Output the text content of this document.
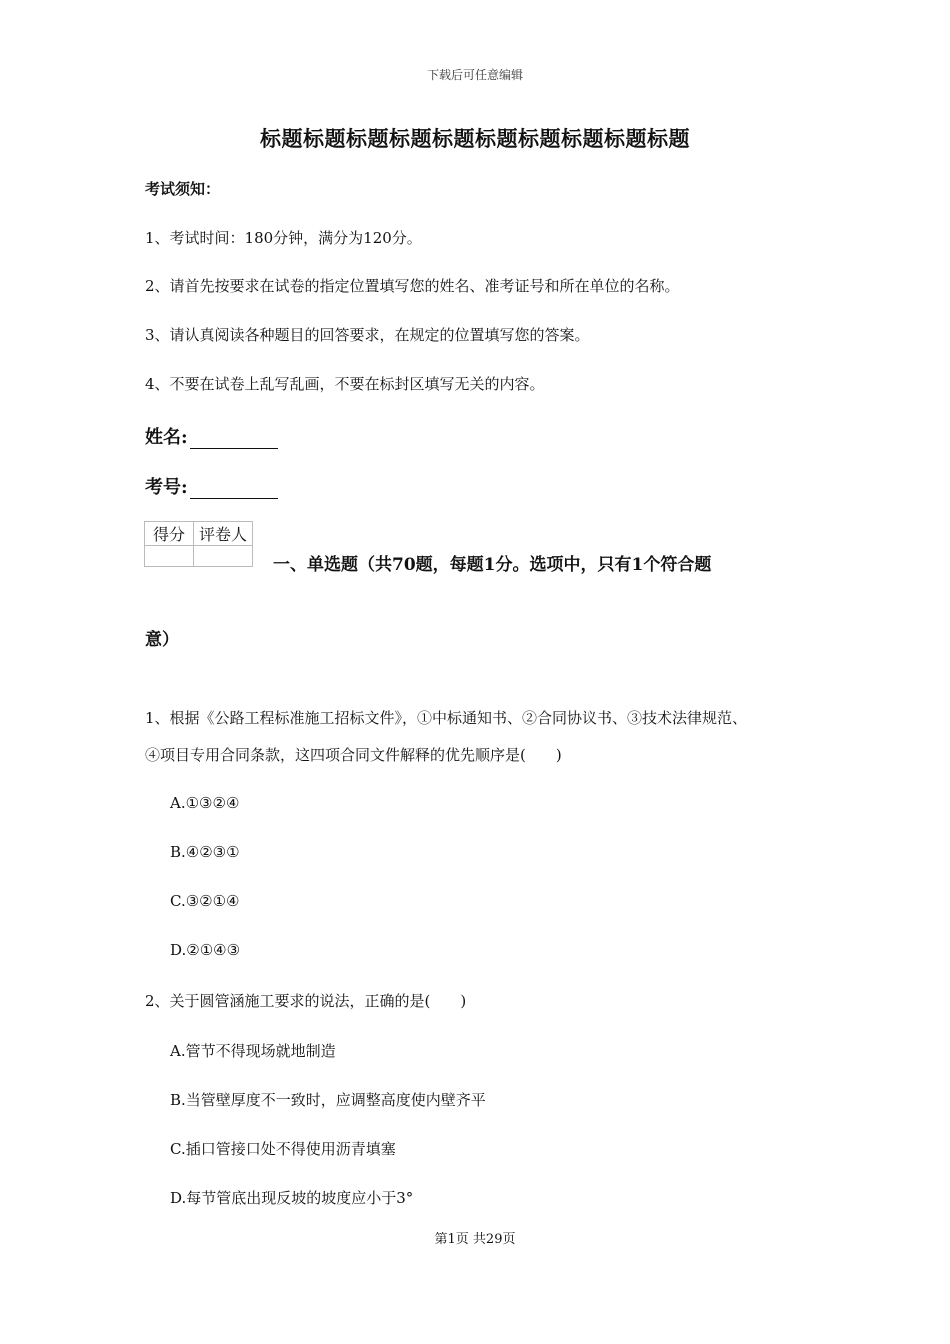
下载后可任意编辑
标题标题标题标题标题标题标题标题标题标题
考试须知：
1、考试时间：180分钟，满分为120分。
2、请首先按要求在试卷的指定位置填写您的姓名、准考证号和所在单位的名称。
3、请认真阅读各种题目的回答要求，在规定的位置填写您的答案。
4、不要在试卷上乱写乱画，不要在标封区填写无关的内容。
姓名:
考号:
得分	评卷人

一、单选题（共70题，每题1分。选项中，只有1个符合题
意）
1、根据《公路工程标准施工招标文件》，①中标通知书、②合同协议书、③技术法律规范、
④项目专用合同条款，这四项合同文件解释的优先顺序是(　　)
A.①③②④
B.④②③①
C.③②①④
D.②①④③
2、关于圆管涵施工要求的说法，正确的是(　　)
A.管节不得现场就地制造
B.当管壁厚度不一致时，应调整高度使内壁齐平
C.插口管接口处不得使用沥青填塞
D.每节管底出现反坡的坡度应小于3°
第1页 共29页
